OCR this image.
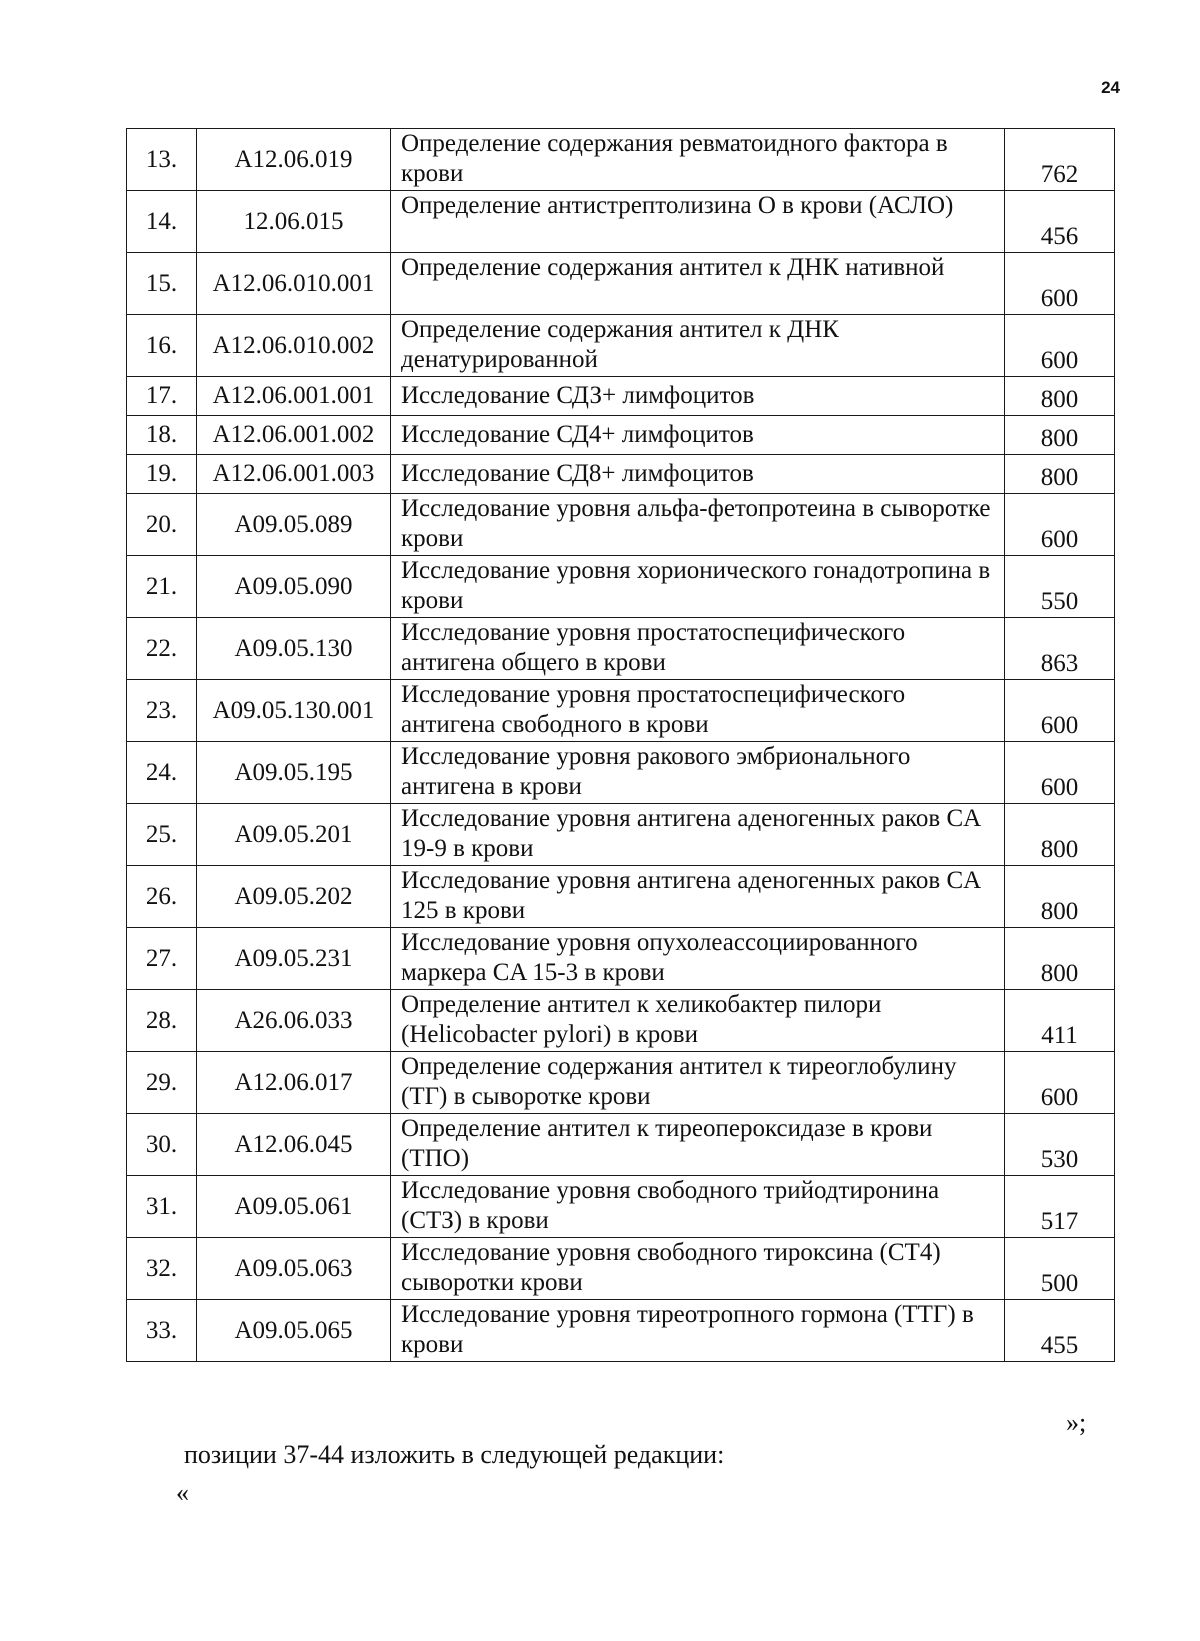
24
13.	A12.06.019	Определение содержания ревматоидного фактора в крови	762
14.	12.06.015	Определение антистрептолизина О в крови (АСЛО)	456
15.	A12.06.010.001	Определение содержания антител к ДНК нативной	600
16.	A12.06.010.002	Определение содержания антител к ДНК денатурированной	600
17.	A12.06.001.001	Исследование СДЗ+ лимфоцитов	800
18.	A12.06.001.002	Исследование СД4+ лимфоцитов	800
19.	A12.06.001.003	Исследование СД8+ лимфоцитов	800
20.	A09.05.089	Исследование уровня альфа-фетопротеина в сыворотке крови	600
21.	A09.05.090	Исследование уровня хорионического гонадотропина в крови	550
22.	A09.05.130	Исследование уровня простатоспецифического антигена общего в крови	863
23.	A09.05.130.001	Исследование уровня простатоспецифического антигена свободного в крови	600
24.	A09.05.195	Исследование уровня ракового эмбрионального антигена в крови	600
25.	A09.05.201	Исследование уровня антигена аденогенных раков CA 19-9 в крови	800
26.	A09.05.202	Исследование уровня антигена аденогенных раков CA 125 в крови	800
27.	A09.05.231	Исследование уровня опухолеассоциированного маркера CA 15-3 в крови	800
28.	A26.06.033	Определение антител к хеликобактер пилори (Helicobacter pylori) в крови	411
29.	A12.06.017	Определение содержания антител к тиреоглобулину (ТГ) в сыворотке крови	600
30.	A12.06.045	Определение антител к тиреопероксидазе в крови (ТПО)	530
31.	A09.05.061	Исследование уровня свободного трийодтиронина (СТЗ) в крови	517
32.	A09.05.063	Исследование уровня свободного тироксина (СТ4) сыворотки крови	500
33.	A09.05.065	Исследование уровня тиреотропного гормона (ТТГ) в крови	455
»;
позиции 37-44 изложить в следующей редакции:
«
